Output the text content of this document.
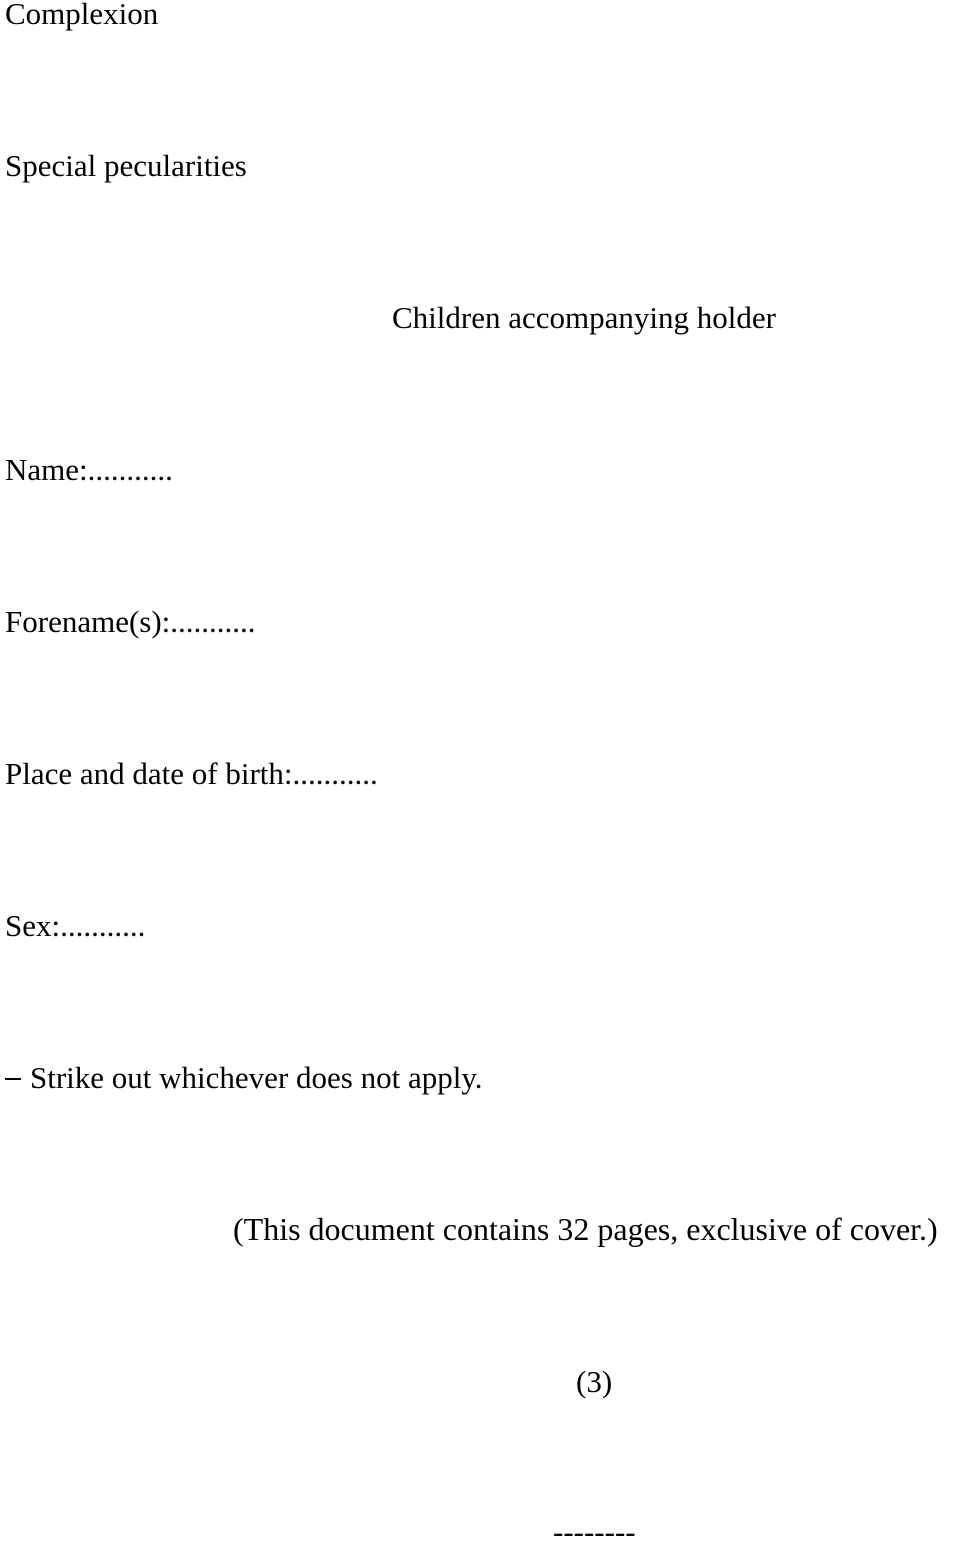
Complexion
Special pecularities
Children accompanying holder
Name:...........
Forename(s):...........
Place and date of birth:...........
Sex:...........
Strike out whichever does not apply.
(This document contains 32 pages, exclusive of cover.)
(3)
--------
